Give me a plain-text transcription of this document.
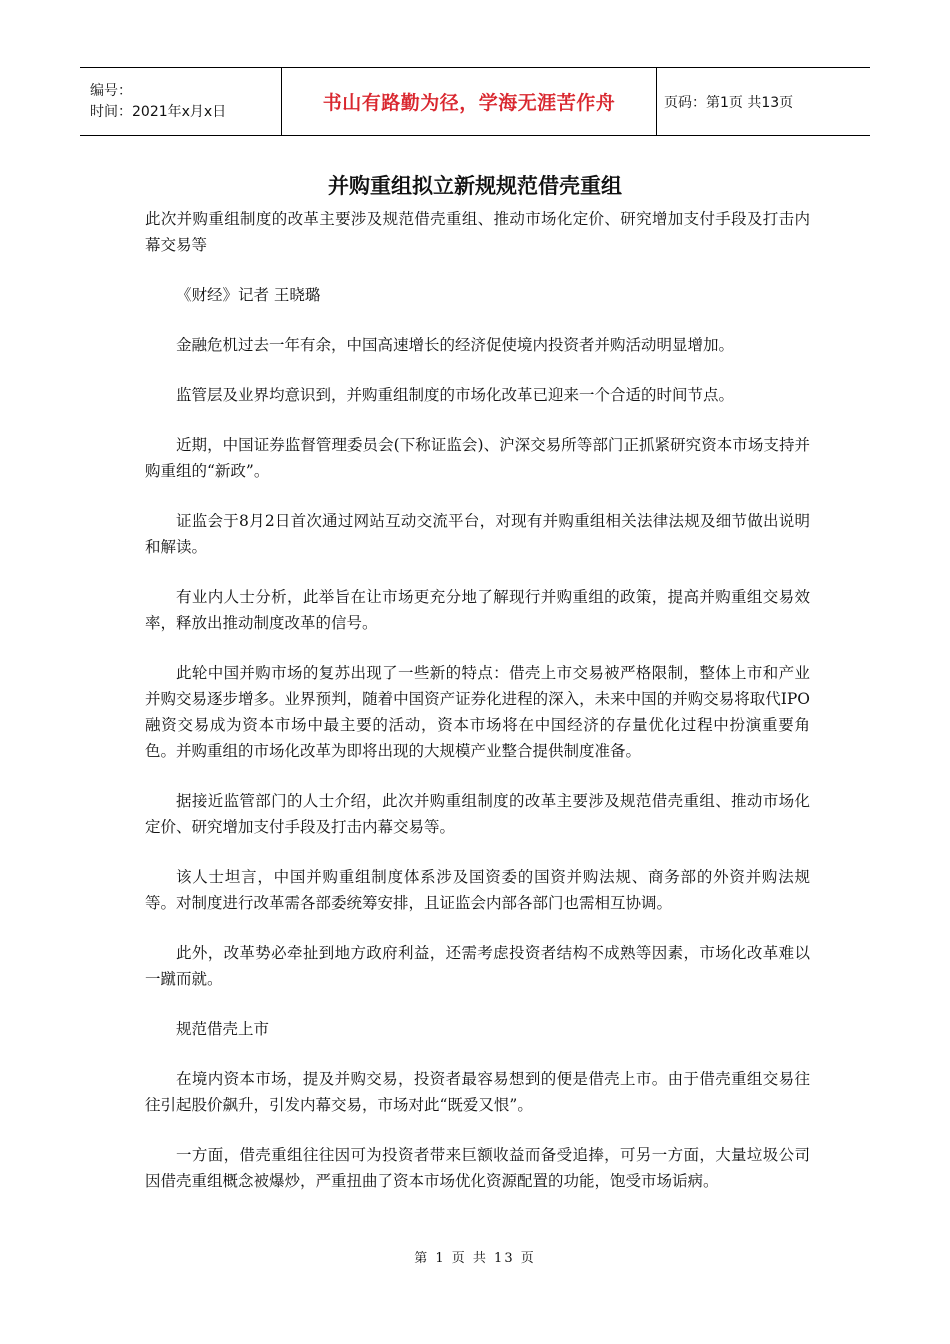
编号：
时间：2021年x月x日	书山有路勤为径，学海无涯苦作舟	页码：第1页 共13页
并购重组拟立新规规范借壳重组

此次并购重组制度的改革主要涉及规范借壳重组、推动市场化定价、研究增加支付手段及打击内幕交易等

《财经》记者 王晓璐

金融危机过去一年有余，中国高速增长的经济促使境内投资者并购活动明显增加。

监管层及业界均意识到，并购重组制度的市场化改革已迎来一个合适的时间节点。

近期，中国证券监督管理委员会(下称证监会)、沪深交易所等部门正抓紧研究资本市场支持并购重组的“新政”。

证监会于8月2日首次通过网站互动交流平台，对现有并购重组相关法律法规及细节做出说明和解读。

有业内人士分析，此举旨在让市场更充分地了解现行并购重组的政策，提高并购重组交易效率，释放出推动制度改革的信号。

此轮中国并购市场的复苏出现了一些新的特点：借壳上市交易被严格限制，整体上市和产业并购交易逐步增多。业界预判，随着中国资产证券化进程的深入，未来中国的并购交易将取代IPO融资交易成为资本市场中最主要的活动，资本市场将在中国经济的存量优化过程中扮演重要角色。并购重组的市场化改革为即将出现的大规模产业整合提供制度准备。

据接近监管部门的人士介绍，此次并购重组制度的改革主要涉及规范借壳重组、推动市场化定价、研究增加支付手段及打击内幕交易等。

该人士坦言，中国并购重组制度体系涉及国资委的国资并购法规、商务部的外资并购法规等。对制度进行改革需各部委统筹安排，且证监会内部各部门也需相互协调。

此外，改革势必牵扯到地方政府利益，还需考虑投资者结构不成熟等因素，市场化改革难以一蹴而就。

规范借壳上市

在境内资本市场，提及并购交易，投资者最容易想到的便是借壳上市。由于借壳重组交易往往引起股价飙升，引发内幕交易，市场对此“既爱又恨”。

一方面，借壳重组往往因可为投资者带来巨额收益而备受追捧，可另一方面，大量垃圾公司因借壳重组概念被爆炒，严重扭曲了资本市场优化资源配置的功能，饱受市场诟病。

第 1 页 共 13 页
